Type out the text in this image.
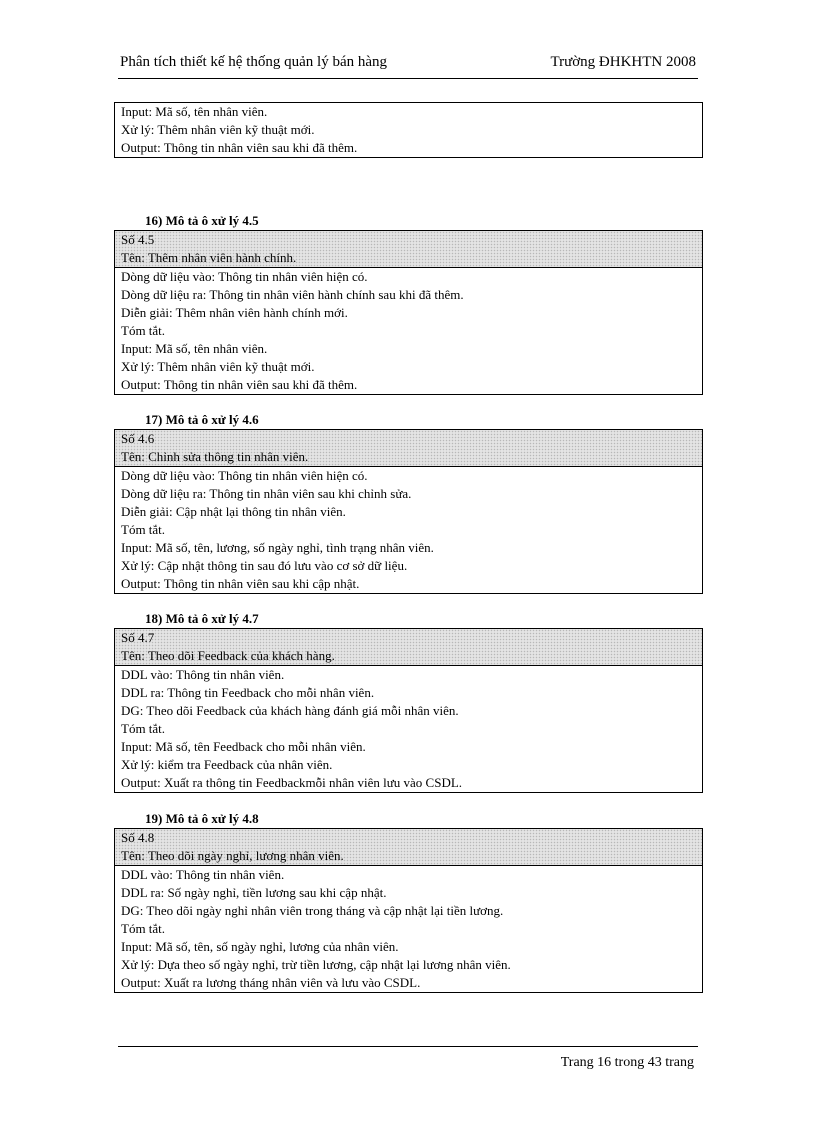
Phân tích thiết kế hệ thống quản lý bán hàng	Trường ĐHKHTN 2008
Input: Mã số, tên nhân viên.
Xử lý: Thêm nhân viên kỹ thuật mới.
Output: Thông tin nhân viên sau khi đã thêm.
16) Mô tả ô xử lý 4.5
Số 4.5
Tên: Thêm nhân viên hành chính.
Dòng dữ liệu vào: Thông tin nhân viên hiện có.
Dòng dữ liệu ra: Thông tin nhân viên hành chính sau khi đã thêm.
Diễn giải: Thêm nhân viên hành chính mới.
Tóm tắt.
Input: Mã số, tên nhân viên.
Xử lý: Thêm nhân viên kỹ thuật mới.
Output: Thông tin nhân viên sau khi đã thêm.
17) Mô tả ô xử lý 4.6
Số 4.6
Tên: Chỉnh sửa thông tin nhân viên.
Dòng dữ liệu vào: Thông tin nhân viên hiện có.
Dòng dữ liệu ra: Thông tin nhân viên sau khi chỉnh sửa.
Diễn giải: Cập nhật lại thông tin nhân viên.
Tóm tắt.
Input: Mã số, tên, lương, số ngày nghỉ, tình trạng nhân viên.
Xử lý: Cập nhật thông tin sau đó lưu vào cơ sở dữ liệu.
Output: Thông tin nhân viên sau khi cập nhật.
18) Mô tả ô xử lý 4.7
Số 4.7
Tên: Theo dõi Feedback của khách hàng.
DDL vào: Thông tin nhân viên.
DDL ra: Thông tin Feedback cho mỗi nhân viên.
DG: Theo dõi Feedback của khách hàng đánh giá mỗi nhân viên.
Tóm tắt.
Input: Mã số, tên Feedback cho mỗi nhân viên.
Xử lý: kiểm tra Feedback của nhân viên.
Output: Xuất ra thông tin Feedbackmỗi nhân viên lưu vào CSDL.
19) Mô tả ô xử lý 4.8
Số 4.8
Tên: Theo dõi ngày nghỉ, lương nhân viên.
DDL vào: Thông tin nhân viên.
DDL ra: Số ngày nghỉ, tiền lương sau khi cập nhật.
DG: Theo dõi ngày nghỉ nhân viên trong tháng và cập nhật lại tiền lương.
Tóm tắt.
Input: Mã số, tên, số ngày nghỉ, lương của nhân viên.
Xử lý: Dựa theo số ngày nghỉ, trừ tiền lương, cập nhật lại lương nhân viên.
Output: Xuất ra lương tháng nhân viên và lưu vào CSDL.
Trang 16 trong 43 trang
